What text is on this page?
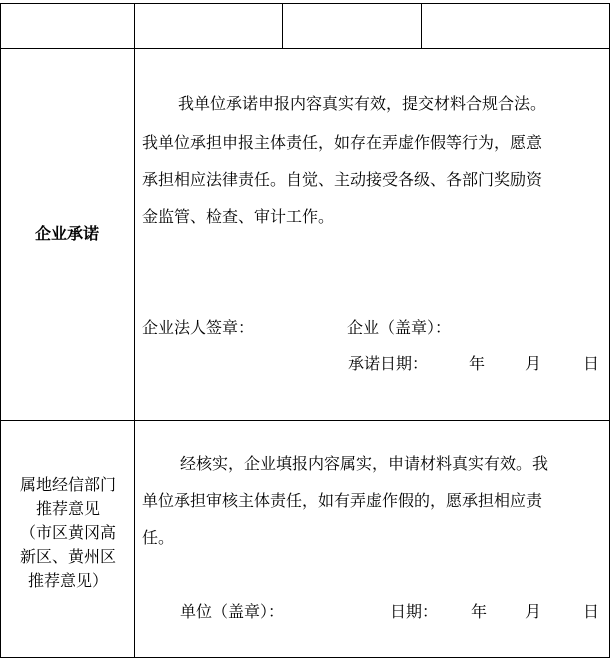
企业承诺
我单位承诺申报内容真实有效，提交材料合规合法。
我单位承担申报主体责任，如存在弄虚作假等行为，愿意
承担相应法律责任。自觉、主动接受各级、各部门奖励资
金监管、检查、审计工作。
企业法人签章：	企业（盖章）：
承诺日期：	年 月	日
属地经信部门
推荐意见
（市区黄冈高
新区、黄州区
推荐意见）
经核实，企业填报内容属实，申请材料真实有效。我
单位承担审核主体责任，如有弄虚作假的，愿承担相应责
任。
单位（盖章）：	日期： 年 月	日
